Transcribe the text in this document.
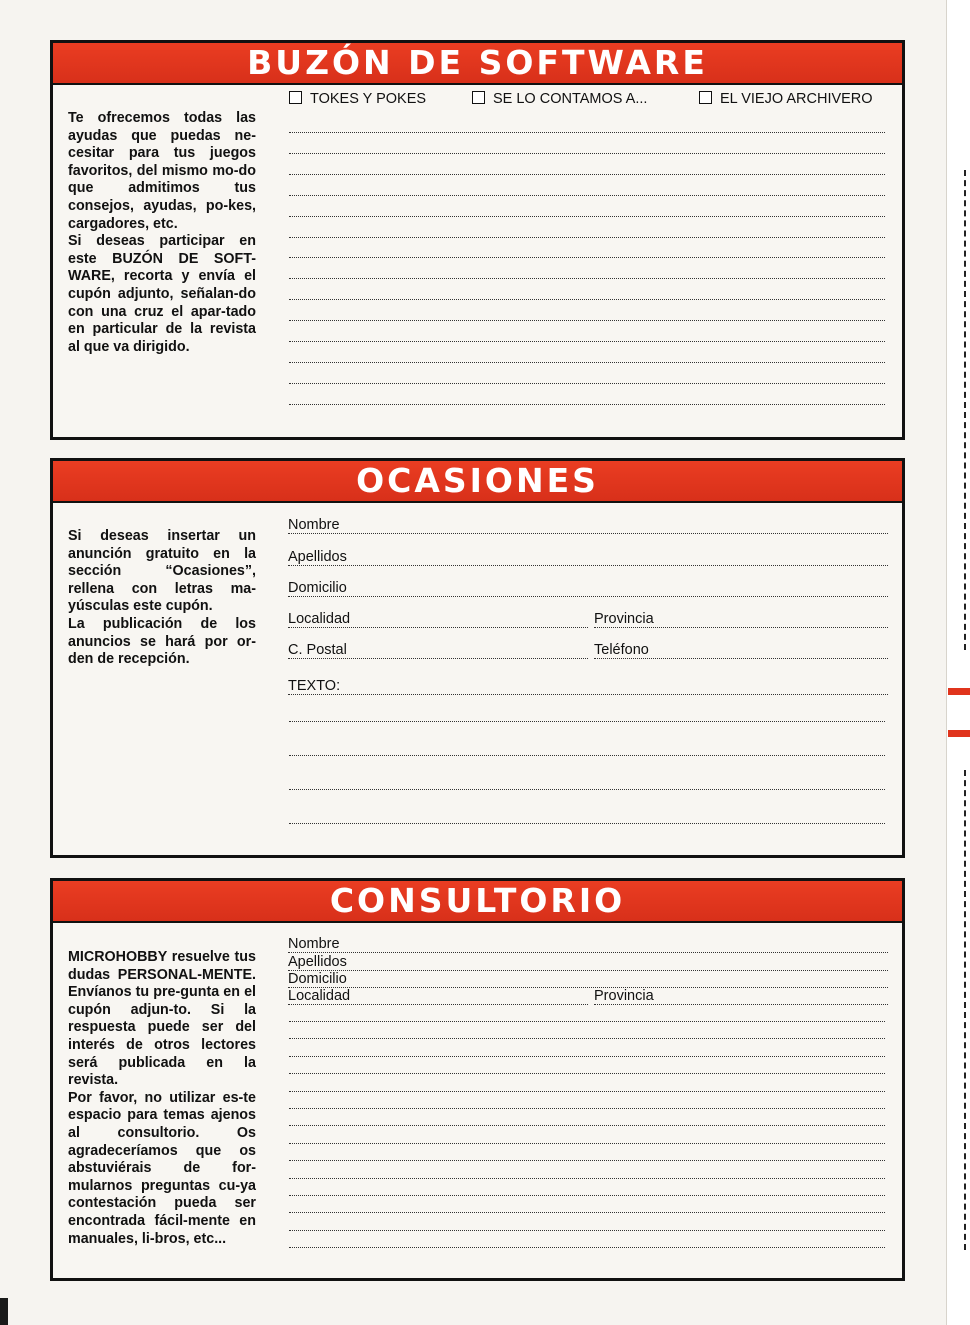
BUZÓN DE SOFTWARE
Te ofrecemos todas las ayudas que puedas ne-cesitar para tus juegos favoritos, del mismo mo-do que admitimos tus consejos, ayudas, po-kes, cargadores, etc.
Si deseas participar en este BUZÓN DE SOFT-WARE, recorta y envía el cupón adjunto, señalan-do con una cruz el apar-tado en particular de la revista al que va dirigido.
TOKES Y POKES	SE LO CONTAMOS A...	EL VIEJO ARCHIVERO
OCASIONES
Si deseas insertar un anunción gratuito en la sección “Ocasiones”, rellena con letras ma-yúsculas este cupón.
La publicación de los anuncios se hará por or-den de recepción.
Nombre
Apellidos
Domicilio
Localidad	Provincia
C. Postal	Teléfono
TEXTO:
CONSULTORIO
MICROHOBBY resuelve tus dudas PERSONAL-MENTE. Envíanos tu pre-gunta en el cupón adjun-to. Si la respuesta puede ser del interés de otros lectores será publicada en la revista.
Por favor, no utilizar es-te espacio para temas ajenos al consultorio. Os agradeceríamos que os abstuviérais de for-mularnos preguntas cu-ya contestación pueda ser encontrada fácil-mente en manuales, li-bros, etc...
Nombre
Apellidos
Domicilio
Localidad	Provincia
